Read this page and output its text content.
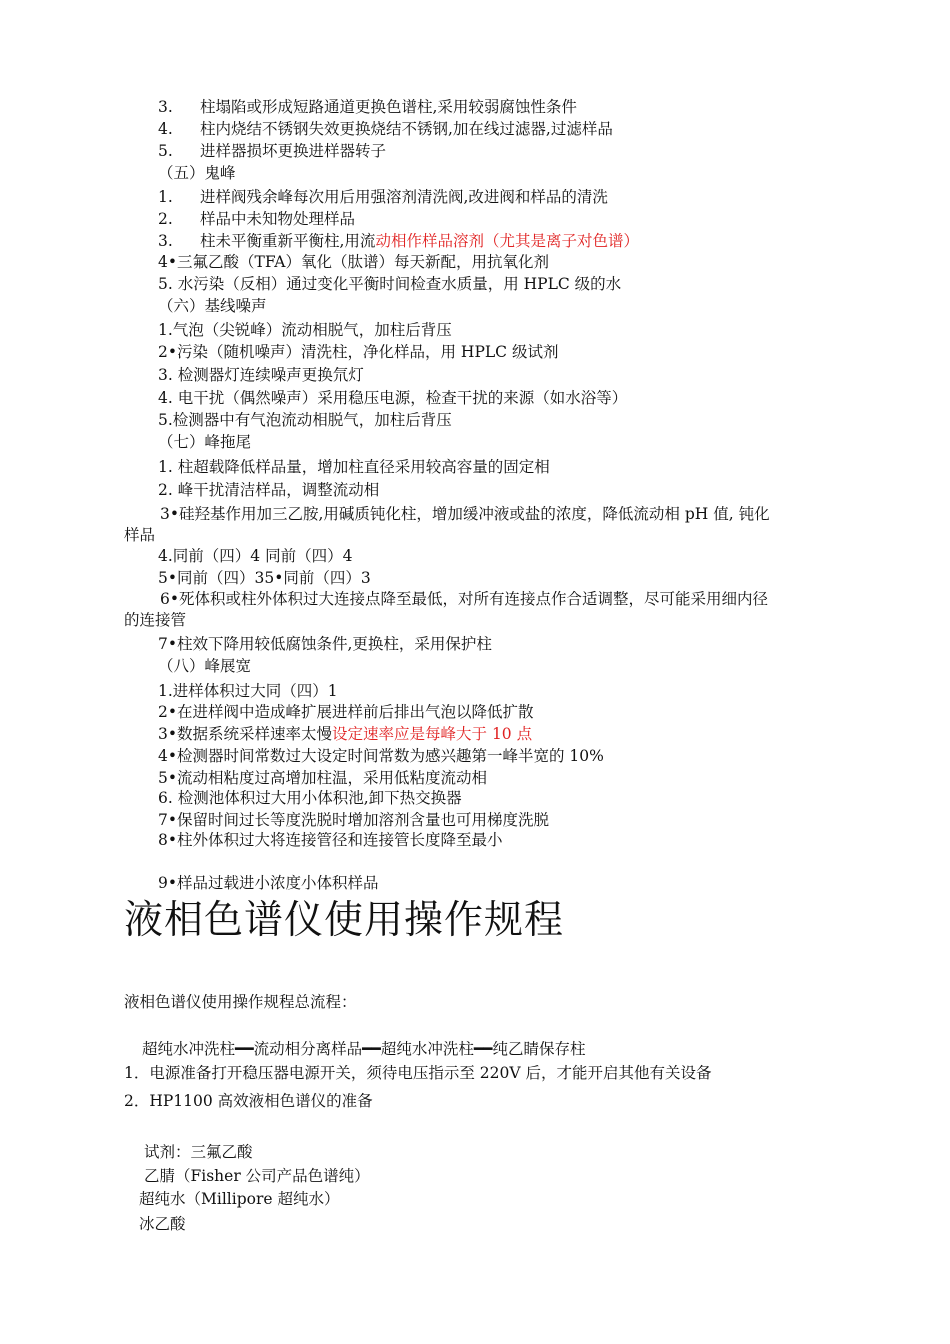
3. 柱塌陷或形成短路通道更换色谱柱,采用较弱腐蚀性条件
4. 柱内烧结不锈钢失效更换烧结不锈钢,加在线过滤器,过滤样品
5. 进样器损坏更换进样器转子
（五）鬼峰
1. 进样阀残余峰每次用后用强溶剂清洗阀,改进阀和样品的清洗
2. 样品中未知物处理样品
3. 柱未平衡重新平衡柱,用流动相作样品溶剂（尤其是离子对色谱）
4•三氟乙酸（TFA）氧化（肽谱）每天新配，用抗氧化剂
5. 水污染（反相）通过变化平衡时间检查水质量，用 HPLC 级的水
（六）基线噪声
1.气泡（尖锐峰）流动相脱气，加柱后背压
2•污染（随机噪声）清洗柱，净化样品，用 HPLC 级试剂
3. 检测器灯连续噪声更换氘灯
4. 电干扰（偶然噪声）采用稳压电源，检查干扰的来源（如水浴等）
5.检测器中有气泡流动相脱气，加柱后背压
（七）峰拖尾
1. 柱超载降低样品量，增加柱直径采用较高容量的固定相
2. 峰干扰清洁样品，调整流动相
3•硅羟基作用加三乙胺,用碱质钝化柱，增加缓冲液或盐的浓度，降低流动相 pH 值, 钝化
样品
4.同前（四）4 同前（四）4
5•同前（四）35•同前（四）3
6•死体积或柱外体积过大连接点降至最低，对所有连接点作合适调整，尽可能采用细内径
的连接管
7•柱效下降用较低腐蚀条件,更换柱，采用保护柱
（八）峰展宽
1.进样体积过大同（四）1
2•在进样阀中造成峰扩展进样前后排出气泡以降低扩散
3•数据系统采样速率太慢设定速率应是每峰大于 10 点
4•检测器时间常数过大设定时间常数为感兴趣第一峰半宽的 10%
5•流动相粘度过高增加柱温，采用低粘度流动相
6. 检测池体积过大用小体积池,卸下热交换器
7•保留时间过长等度洗脱时增加溶剂含量也可用梯度洗脱
8•柱外体积过大将连接管径和连接管长度降至最小
9•样品过载进小浓度小体积样品
液相色谱仪使用操作规程
液相色谱仪使用操作规程总流程：
超纯水冲洗柱━━流动相分离样品━━超纯水冲洗柱━━纯乙睛保存柱
1．电源准备打开稳压器电源开关，须待电压指示至 220V 后，才能开启其他有关设备
2．HP1100 高效液相色谱仪的准备
试剂：三氟乙酸
乙腈（Fisher 公司产品色谱纯）
超纯水（Millipore 超纯水）
冰乙酸
